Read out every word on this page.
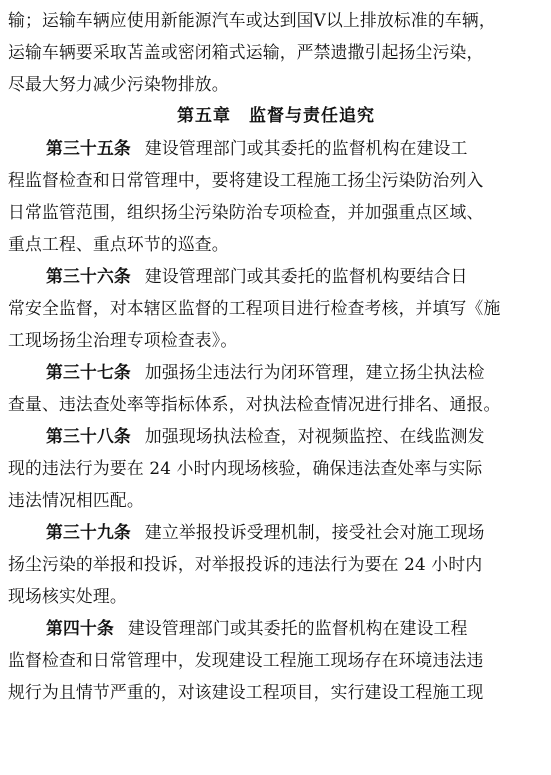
输；运输车辆应使用新能源汽车或达到国Ⅴ以上排放标准的车辆，
运输车辆要采取苫盖或密闭箱式运输，严禁遗撒引起扬尘污染，
尽最大努力减少污染物排放。
第五章　监督与责任追究
第三十五条 建设管理部门或其委托的监督机构在建设工
程监督检查和日常管理中，要将建设工程施工扬尘污染防治列入
日常监管范围，组织扬尘污染防治专项检查，并加强重点区域、
重点工程、重点环节的巡查。
第三十六条 建设管理部门或其委托的监督机构要结合日
常安全监督，对本辖区监督的工程项目进行检查考核，并填写《施
工现场扬尘治理专项检查表》。
第三十七条 加强扬尘违法行为闭环管理，建立扬尘执法检
查量、违法查处率等指标体系，对执法检查情况进行排名、通报。
第三十八条 加强现场执法检查，对视频监控、在线监测发
现的违法行为要在 24 小时内现场核验，确保违法查处率与实际
违法情况相匹配。
第三十九条 建立举报投诉受理机制，接受社会对施工现场
扬尘污染的举报和投诉，对举报投诉的违法行为要在 24 小时内
现场核实处理。
第四十条 建设管理部门或其委托的监督机构在建设工程
监督检查和日常管理中，发现建设工程施工现场存在环境违法违
规行为且情节严重的，对该建设工程项目，实行建设工程施工现
